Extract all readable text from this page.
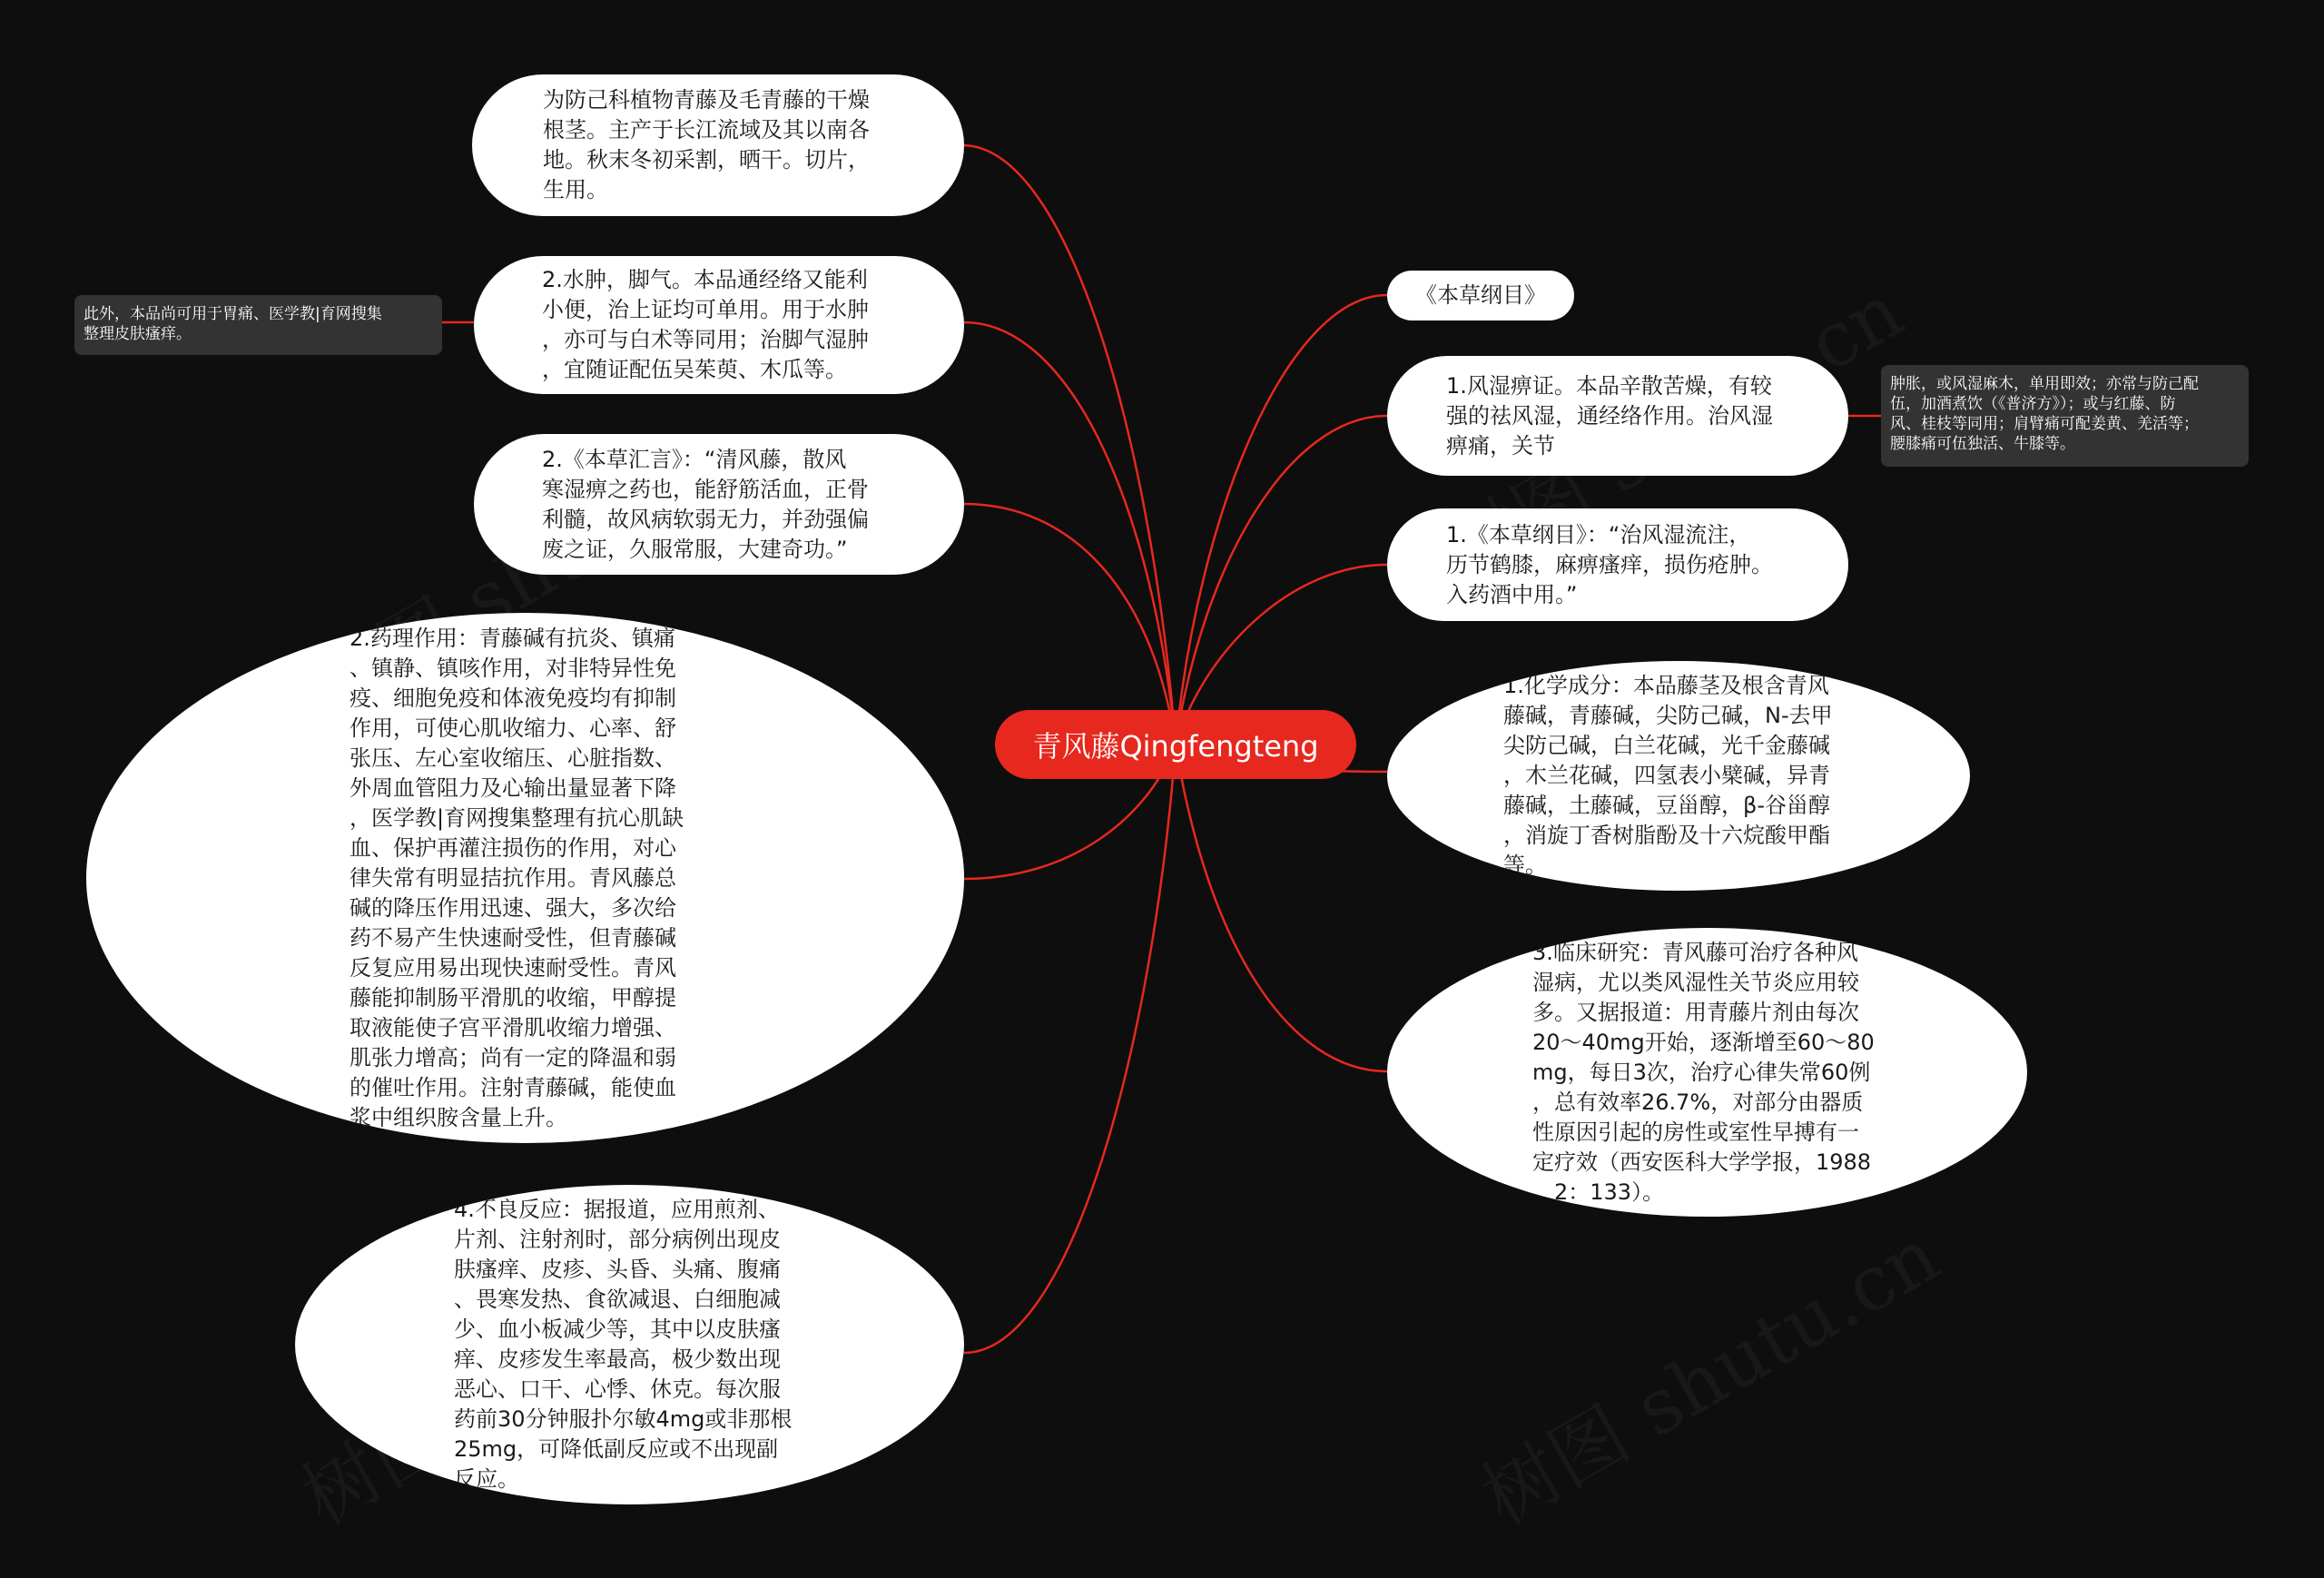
青风藤Qingfengteng
为防己科植物青藤及毛青藤的干燥
根茎。主产于长江流域及其以南各
地。秋末冬初采割，晒干。切片，
生用。
此外，本品尚可用于胃痛、医学教|育网搜集
整理皮肤瘙痒。
2.水肿，脚气。本品通经络又能利
小便，治上证均可单用。用于水肿
，亦可与白术等同用；治脚气湿肿
，宜随证配伍吴茱萸、木瓜等。
2.《本草汇言》：“清风藤，散风
寒湿痹之药也，能舒筋活血，正骨
利髓，故风病软弱无力，并劲强偏
废之证，久服常服，大建奇功。”
2.药理作用：青藤碱有抗炎、镇痛
、镇静、镇咳作用，对非特异性免
疫、细胞免疫和体液免疫均有抑制
作用，可使心肌收缩力、心率、舒
张压、左心室收缩压、心脏指数、
外周血管阻力及心输出量显著下降
，医学教|育网搜集整理有抗心肌缺
血、保护再灌注损伤的作用，对心
律失常有明显拮抗作用。青风藤总
碱的降压作用迅速、强大，多次给
药不易产生快速耐受性，但青藤碱
反复应用易出现快速耐受性。青风
藤能抑制肠平滑肌的收缩，甲醇提
取液能使子宫平滑肌收缩力增强、
肌张力增高；尚有一定的降温和弱
的催吐作用。注射青藤碱，能使血
浆中组织胺含量上升。
4.不良反应：据报道，应用煎剂、
片剂、注射剂时，部分病例出现皮
肤瘙痒、皮疹、头昏、头痛、腹痛
、畏寒发热、食欲减退、白细胞减
少、血小板减少等，其中以皮肤瘙
痒、皮疹发生率最高，极少数出现
恶心、口干、心悸、休克。每次服
药前30分钟服扑尔敏4mg或非那根
25mg，可降低副反应或不出现副
反应。
《本草纲目》
1.风湿痹证。本品辛散苦燥，有较
强的祛风湿，通经络作用。治风湿
痹痛，关节
肿胀，或风湿麻木，单用即效；亦常与防己配
伍，加酒煮饮（《普济方》）；或与红藤、防
风、桂枝等同用；肩臂痛可配姜黄、羌活等；
腰膝痛可伍独活、牛膝等。
1.《本草纲目》：“治风湿流注，
历节鹤膝，麻痹瘙痒，损伤疮肿。
入药酒中用。”
1.化学成分：本品藤茎及根含青风
藤碱，青藤碱，尖防己碱，N-去甲
尖防己碱，白兰花碱，光千金藤碱
，木兰花碱，四氢表小檗碱，异青
藤碱，土藤碱，豆甾醇，β-谷甾醇
，消旋丁香树脂酚及十六烷酸甲酯
等。
3.临床研究：青风藤可治疗各种风
湿病，尤以类风湿性关节炎应用较
多。又据报道：用青藤片剂由每次
20～40mg开始，逐渐增至60～80
mg，每日3次，治疗心律失常60例
，总有效率26.7%，对部分由器质
性原因引起的房性或室性早搏有一
定疗效（西安医科大学学报，1988
，2：133）。
